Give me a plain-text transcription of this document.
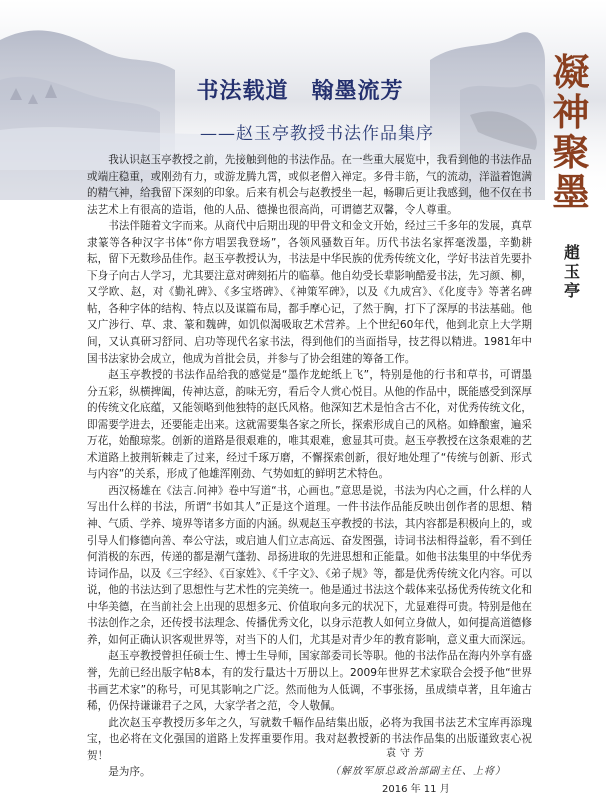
凝
神
聚
墨
趙
玉
亭
书法载道　翰墨流芳
——赵玉亭教授书法作品集序

我认识赵玉亭教授之前，先接触到他的书法作品。在一些重大展览中，我看到他的书法作品或端庄稳重，或刚劲有力，或游龙腾九霄，或似老僧入禅定。多骨丰筋，气的流动，洋溢着饱满的精气神，给我留下深刻的印象。后来有机会与赵教授坐一起，畅聊后更让我感到，他不仅在书法艺术上有很高的造诣，他的人品、德操也很高尚，可谓德艺双馨，令人尊重。

书法伴随着文字而来。从商代中后期出现的甲骨文和金文开始，经过三千多年的发展，真草隶篆等各种汉字书体“你方唱罢我登场”，各领风骚数百年。历代书法名家挥毫泼墨，辛勤耕耘，留下无数珍品佳作。赵玉亭教授认为，书法是中华民族的优秀传统文化，学好书法首先要扑下身子向古人学习，尤其要注意对碑刻拓片的临摹。他自幼受长辈影响酷爱书法，先习颜、柳，又学欧、赵，对《勤礼碑》、《多宝塔碑》、《神策军碑》，以及《九成宫》、《化度寺》等著名碑帖，各种字体的结构、特点以及谋篇布局，都手摩心记，了然于胸，打下了深厚的书法基础。他又广涉行、草、隶、篆和魏碑，如饥似渴吸取艺术营养。上个世纪60年代，他到北京上大学期间，又认真研习舒同、启功等现代名家书法，得到他们的当面指导，技艺得以精进。1981年中国书法家协会成立，他成为首批会员，并参与了协会组建的筹备工作。

赵玉亭教授的书法作品给我的感觉是“墨作龙蛇纸上飞”，特别是他的行书和草书，可谓墨分五彩，纵横捭阖，传神达意，韵味无穷，看后令人赏心悦目。从他的作品中，既能感受到深厚的传统文化底蕴，又能领略到他独特的赵氏风格。他深知艺术是怕含古不化，对优秀传统文化，即需要学进去，还要能走出来。这就需要集各家之所长，探索形成自己的风格。如蜂酿蜜，遍采万花，始酿琼浆。创新的道路是很艰难的，唯其艰难，愈显其可贵。赵玉亭教授在这条艰难的艺术道路上披荆斩棘走了过来，经过千琢万磨，不懈探索创新，很好地处理了“传统与创新、形式与内容”的关系，形成了他雄浑刚劲、气势如虹的鲜明艺术特色。

西汉杨雄在《法言.问神》卷中写道“书，心画也。”意思是说，书法为内心之画，什么样的人写出什么样的书法，所谓“书如其人”正是这个道理。一件书法作品能反映出创作者的思想、精神、气质、学养、境界等诸多方面的内涵。纵观赵玉亭教授的书法，其内容都是积极向上的，或引导人们修德向善、奉公守法，或启迪人们立志高远、奋发图强，诗词书法相得益彰，看不到任何消极的东西，传递的都是潮气蓬勃、昂扬进取的先进思想和正能量。如他书法集里的中华优秀诗词作品，以及《三字经》、《百家姓》、《千字文》、《弟子规》等，都是优秀传统文化内容。可以说，他的书法达到了思想性与艺术性的完美统一。他是通过书法这个载体来弘扬优秀传统文化和中华美德，在当前社会上出现的思想多元、价值取向多元的状况下，尤显难得可贵。特别是他在书法创作之余，还传授书法理念、传播优秀文化，以身示范教人如何立身做人，如何提高道德修养，如何正确认识客观世界等，对当下的人们，尤其是对青少年的教育影响，意义重大而深远。

赵玉亭教授曾担任硕士生、博士生导师，国家部委司长等职。他的书法作品在海内外享有盛誉，先前已经出版字帖8本，有的发行量达十万册以上。2009年世界艺术家联合会授予他“世界书画艺术家”的称号，可见其影响之广泛。然而他为人低调，不事张扬，虽成绩卓著，且年逾古稀，仍保持谦谦君子之风，大家学者之范，令人敬佩。

此次赵玉亭教授历多年之久，写就数千幅作品结集出版，必将为我国书法艺术宝库再添瑰宝，也必将在文化强国的道路上发挥重要作用。我对赵教授新的书法作品集的出版谨致衷心祝贺！

是为序。

袁守芳
（解放军原总政治部副主任、上将）
2016 年 11 月
